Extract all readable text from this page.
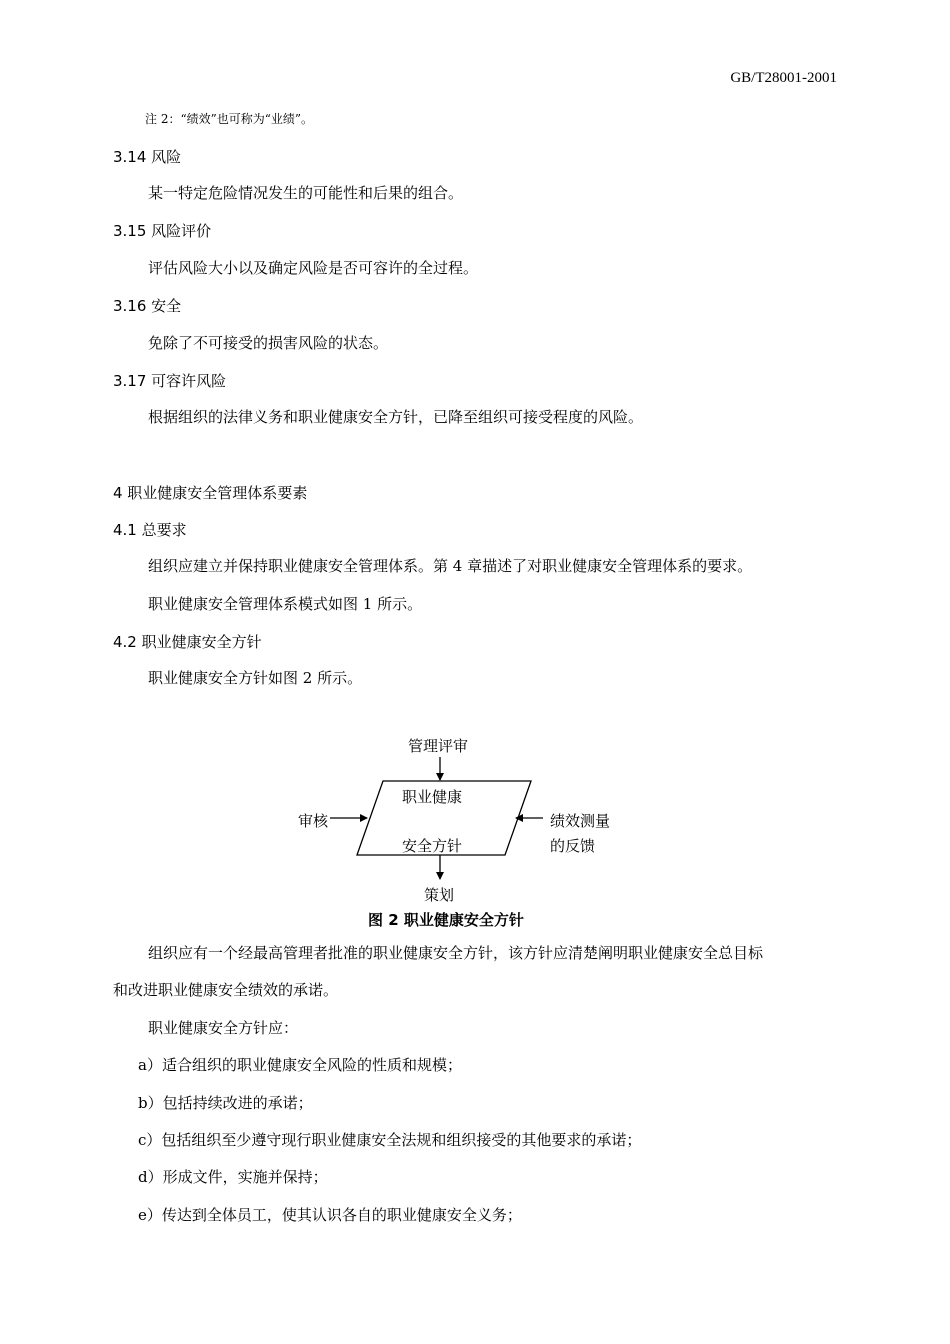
GB/T28001-2001
注 2：“绩效”也可称为“业绩”。
3.14 风险
某一特定危险情况发生的可能性和后果的组合。
3.15 风险评价
评估风险大小以及确定风险是否可容许的全过程。
3.16 安全
免除了不可接受的损害风险的状态。
3.17 可容许风险
根据组织的法律义务和职业健康安全方针，已降至组织可接受程度的风险。
4 职业健康安全管理体系要素
4.1 总要求
组织应建立并保持职业健康安全管理体系。第 4 章描述了对职业健康安全管理体系的要求。
职业健康安全管理体系模式如图 1 所示。
4.2 职业健康安全方针
职业健康安全方针如图 2 所示。
管理评审
职业健康
安全方针
审核	绩效测量
的反馈
策划
图 2 职业健康安全方针
组织应有一个经最高管理者批准的职业健康安全方针，该方针应清楚阐明职业健康安全总目标
和改进职业健康安全绩效的承诺。
职业健康安全方针应：
a）适合组织的职业健康安全风险的性质和规模；
b）包括持续改进的承诺；
c）包括组织至少遵守现行职业健康安全法规和组织接受的其他要求的承诺；
d）形成文件，实施并保持；
e）传达到全体员工，使其认识各自的职业健康安全义务；
